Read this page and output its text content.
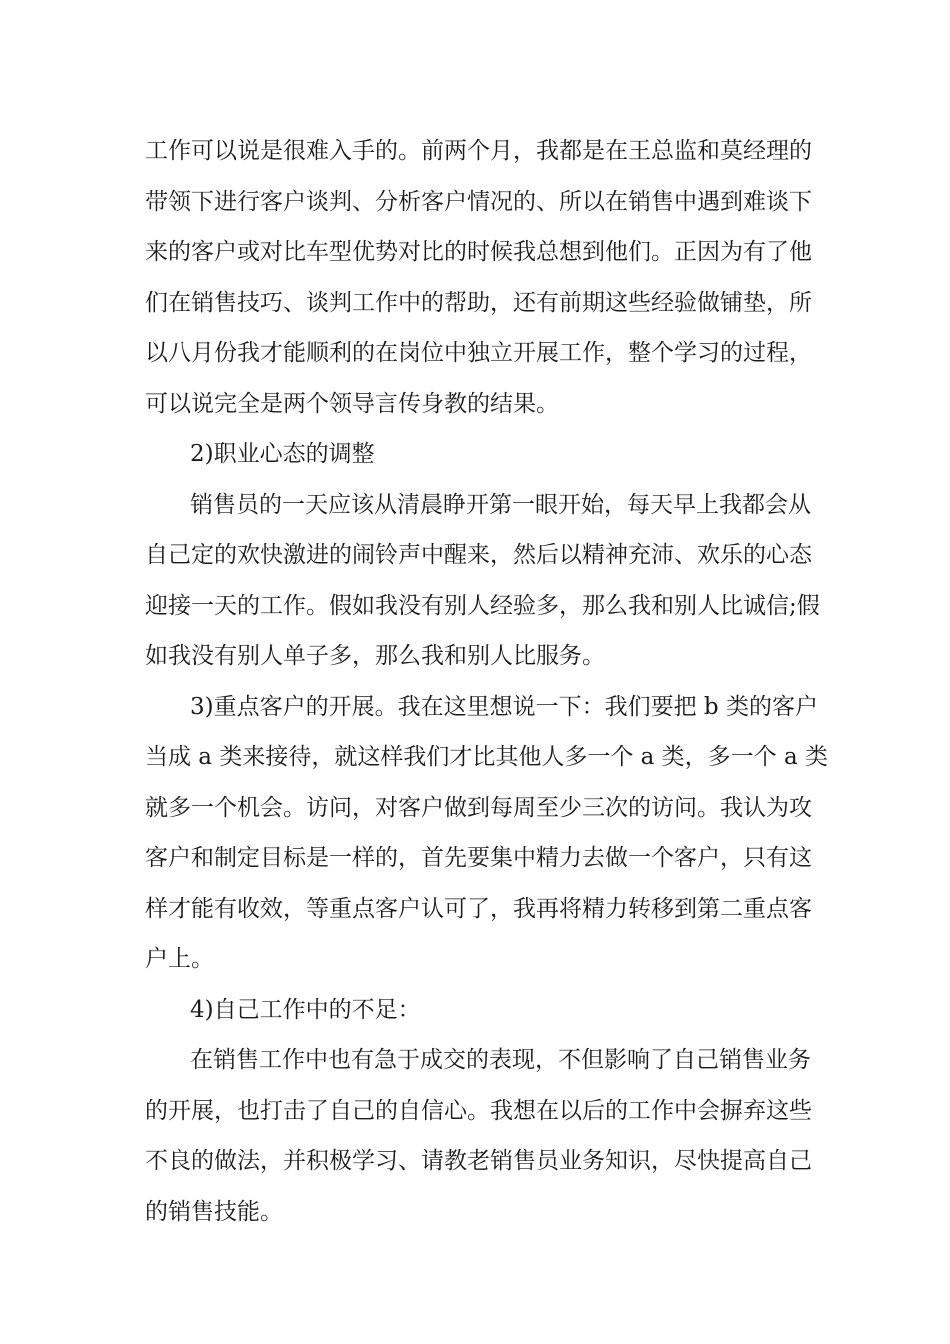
工作可以说是很难入手的。前两个月，我都是在王总监和莫经理的
带领下进行客户谈判、分析客户情况的、所以在销售中遇到难谈下
来的客户或对比车型优势对比的时候我总想到他们。正因为有了他
们在销售技巧、谈判工作中的帮助，还有前期这些经验做铺垫，所
以八月份我才能顺利的在岗位中独立开展工作，整个学习的过程，
可以说完全是两个领导言传身教的结果。
2)职业心态的调整
销售员的一天应该从清晨睁开第一眼开始，每天早上我都会从
自己定的欢快激进的闹铃声中醒来，然后以精神充沛、欢乐的心态
迎接一天的工作。假如我没有别人经验多，那么我和别人比诚信;假
如我没有别人单子多，那么我和别人比服务。
3)重点客户的开展。我在这里想说一下：我们要把 b 类的客户
当成 a 类来接待，就这样我们才比其他人多一个 a 类，多一个 a 类
就多一个机会。访问，对客户做到每周至少三次的访问。我认为攻
客户和制定目标是一样的，首先要集中精力去做一个客户，只有这
样才能有收效，等重点客户认可了，我再将精力转移到第二重点客
户上。
4)自己工作中的不足：
在销售工作中也有急于成交的表现，不但影响了自己销售业务
的开展，也打击了自己的自信心。我想在以后的工作中会摒弃这些
不良的做法，并积极学习、请教老销售员业务知识，尽快提高自己
的销售技能。
